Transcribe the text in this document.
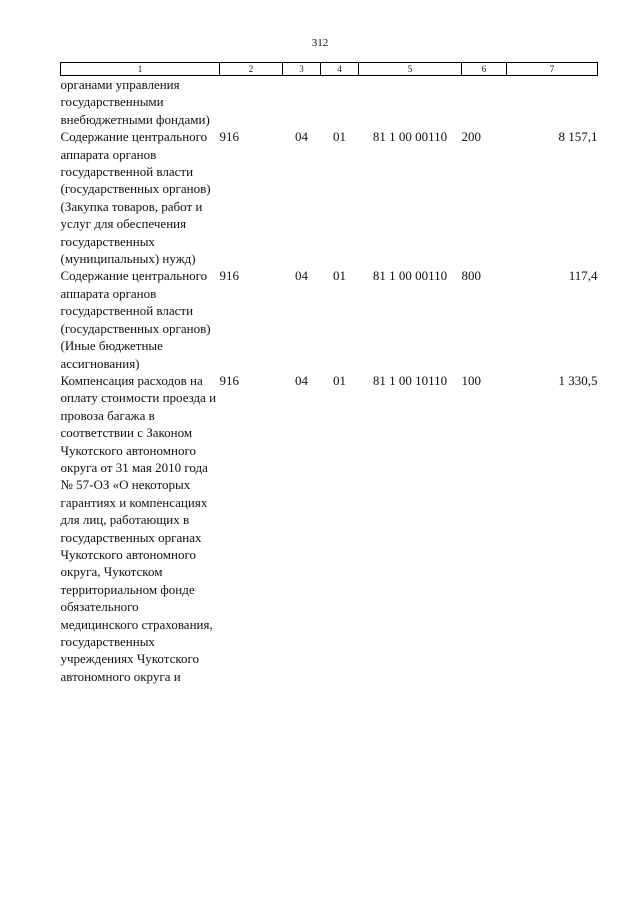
312
1	2	3	4	5	6	7
органами управления государственными внебюджетными фондами)						
Содержание центрального аппарата органов государственной власти (государственных органов) (Закупка товаров, работ и услуг для обеспечения государственных (муниципальных) нужд)	916	04	01	81 1 00 00110	200	8 157,1
Содержание центрального аппарата органов государственной власти (государственных органов) (Иные бюджетные ассигнования)	916	04	01	81 1 00 00110	800	117,4
Компенсация расходов на оплату стоимости проезда и провоза багажа в соответствии с Законом Чукотского автономного округа от 31 мая 2010 года № 57-ОЗ «О некоторых гарантиях и компенсациях для лиц, работающих в государственных органах Чукотского автономного округа, Чукотском территориальном фонде обязательного медицинского страхования, государственных учреждениях Чукотского автономного округа и	916	04	01	81 1 00 10110	100	1 330,5
